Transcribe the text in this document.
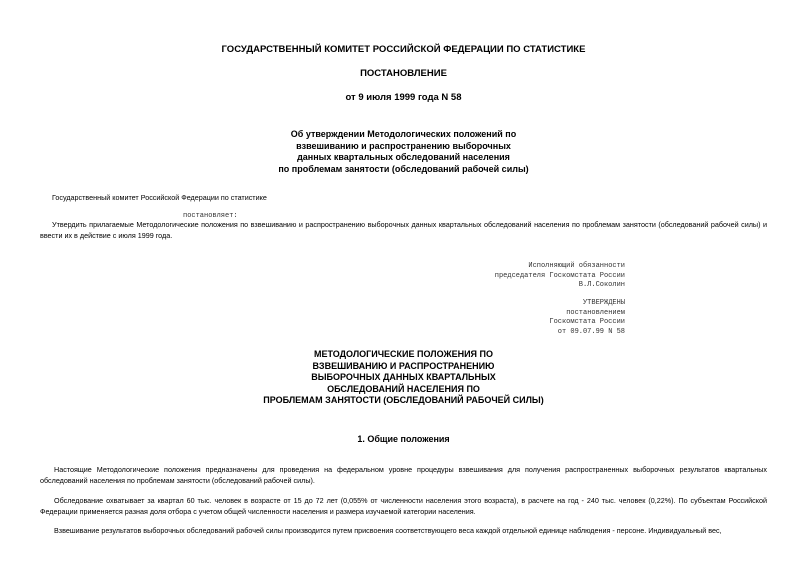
ГОСУДАРСТВЕННЫЙ КОМИТЕТ РОССИЙСКОЙ ФЕДЕРАЦИИ ПО СТАТИСТИКЕ
ПОСТАНОВЛЕНИЕ
от 9 июля 1999 года N 58
Об утверждении Методологических положений по
взвешиванию и распространению выборочных
данных квартальных обследований населения
по проблемам занятости (обследований рабочей силы)
Государственный комитет Российской Федерации по статистике
постановляет:
Утвердить прилагаемые Методологические положения по взвешиванию и распространению выборочных данных квартальных обследований населения по проблемам занятости (обследований рабочей силы) и ввести их в действие с июля 1999 года.
Исполняющий обязанности
председателя Госкомстата России
В.Л.Соколин
УТВЕРЖДЕНЫ
постановлением
Госкомстата России
от 09.07.99 N 58
МЕТОДОЛОГИЧЕСКИЕ ПОЛОЖЕНИЯ ПО
ВЗВЕШИВАНИЮ И РАСПРОСТРАНЕНИЮ
ВЫБОРОЧНЫХ ДАННЫХ КВАРТАЛЬНЫХ
ОБСЛЕДОВАНИЙ НАСЕЛЕНИЯ ПО
ПРОБЛЕМАМ ЗАНЯТОСТИ (ОБСЛЕДОВАНИЙ РАБОЧЕЙ СИЛЫ)
1. Общие положения
Настоящие Методологические положения предназначены для проведения на федеральном уровне процедуры взвешивания для получения распространенных выборочных результатов квартальных обследований населения по проблемам занятости (обследований рабочей силы).
Обследование охватывает за квартал 60 тыс. человек в возрасте от 15 до 72 лет (0,055% от численности населения этого возраста), в расчете на год - 240 тыс. человек (0,22%). По субъектам Российской Федерации применяется разная доля отбора с учетом общей численности населения и размера изучаемой категории населения.
Взвешивание результатов выборочных обследований рабочей силы производится путем присвоения соответствующего веса каждой отдельной единице наблюдения - персоне. Индивидуальный вес,
